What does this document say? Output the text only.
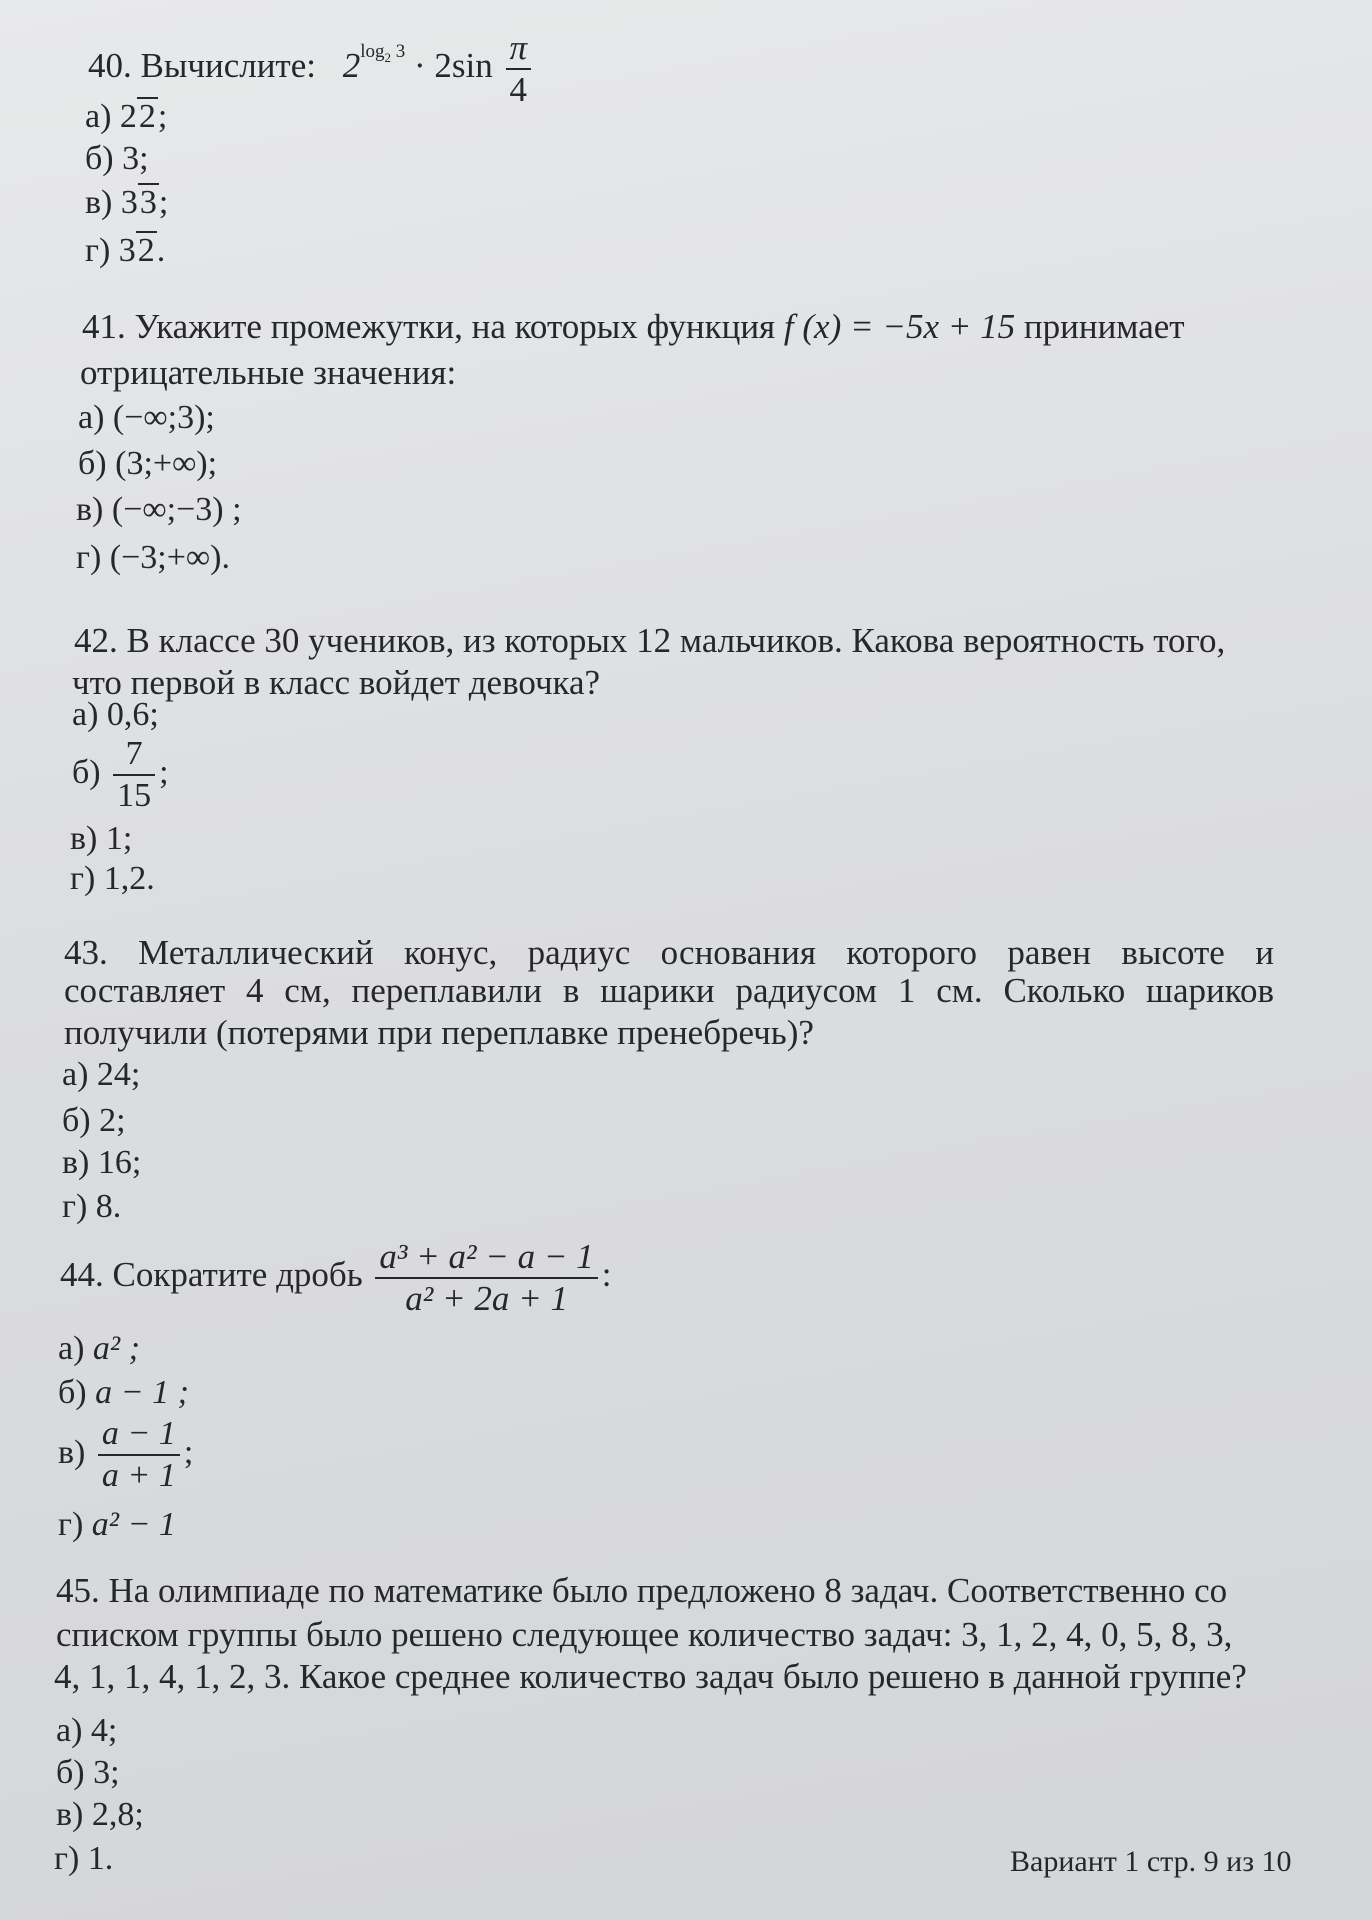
40. Вычислите: $2^{log_2 3} \cdot 2\sin \frac{\pi}{4}$
а) 22;
б) 3;
в) 33;
г) 32.
41. Укажите промежутки, на которых функция f (x) = −5x + 15 принимает
отрицательные значения:
а) (−∞;3);
б) (3;+∞);
в) (−∞;−3) ;
г) (−3;+∞).
42. В классе 30 учеников, из которых 12 мальчиков. Какова вероятность того,
что первой в класс войдет девочка?
а) 0,6;
$б) \frac{7}{15}$ ;
в) 1;
г) 1,2.
43. Металлический конус, радиус основания которого равен высоте и
составляет 4 см, переплавили в шарики радиусом 1 см. Сколько шариков
получили (потерями при переплавке пренебречь)?
а) 24;
б) 2;
в) 16;
г) 8.
44. Сократите дробь $\frac{\text{a³ + a² − a − 1}}{\text{a² + 2a + 1}}$ :
а) a² ;
б) a − 1 ;
$в) \frac{a - 1}{a + 1}$ ;
г) a² − 1
45. На олимпиаде по математике было предложено 8 задач. Соответственно со
списком группы было решено следующее количество задач: 3, 1, 2, 4, 0, 5, 8, 3,
4, 1, 1, 4, 1, 2, 3. Какое среднее количество задач было решено в данной группе?
а) 4;
б) 3;
в) 2,8;
г) 1.	Вариант 1 стр. 9 из 10
